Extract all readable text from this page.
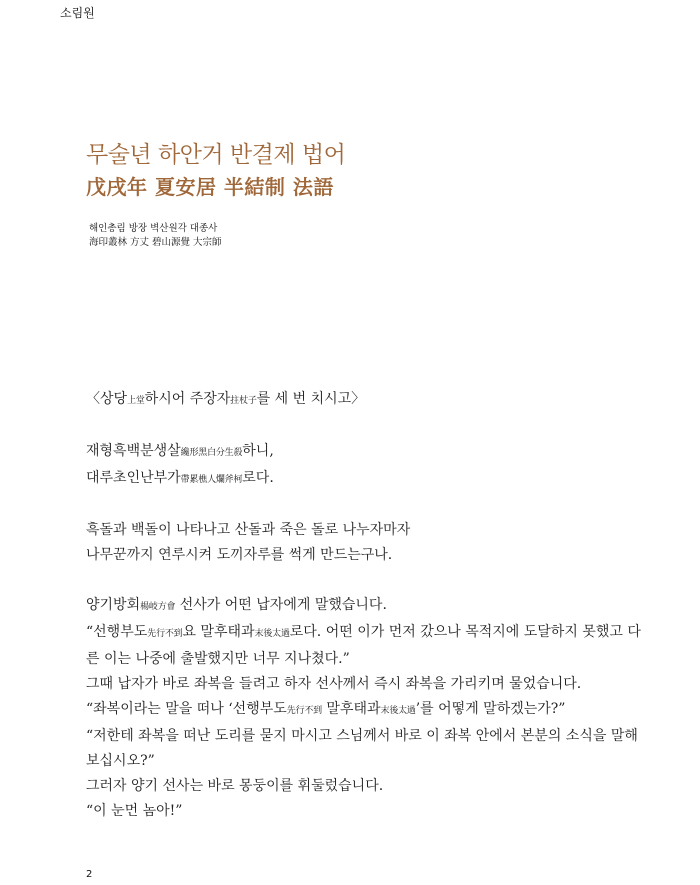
소림원
무술년 하안거 반결제 법어
戊戌年 夏安居 半結制 法語
해인총림 방장 벽산원각 대종사
海印叢林 方丈 碧山源覺 大宗師

〈상당上堂하시어 주장자拄杖子를 세 번 치시고〉

재형흑백분생살纔形黑白分生殺하니,

대루초인난부가帶累樵人爛斧柯로다.

흑돌과 백돌이 나타나고 산돌과 죽은 돌로 나누자마자

나무꾼까지 연루시켜 도끼자루를 썩게 만드는구나.

양기방회楊岐方會 선사가 어떤 납자에게 말했습니다.

“선행부도先行不到요 말후태과末後太過로다. 어떤 이가 먼저 갔으나 목적지에 도달하지 못했고 다른 이는 나중에 출발했지만 너무 지나쳤다.”

그때 납자가 바로 좌복을 들려고 하자 선사께서 즉시 좌복을 가리키며 물었습니다.

“좌복이라는 말을 떠나 ‘선행부도先行不到 말후태과末後太過’를 어떻게 말하겠는가?”

“저한테 좌복을 떠난 도리를 묻지 마시고 스님께서 바로 이 좌복 안에서 본분의 소식을 말해보십시오?”

그러자 양기 선사는 바로 몽둥이를 휘둘렀습니다.

“이 눈먼 놈아!”

2
